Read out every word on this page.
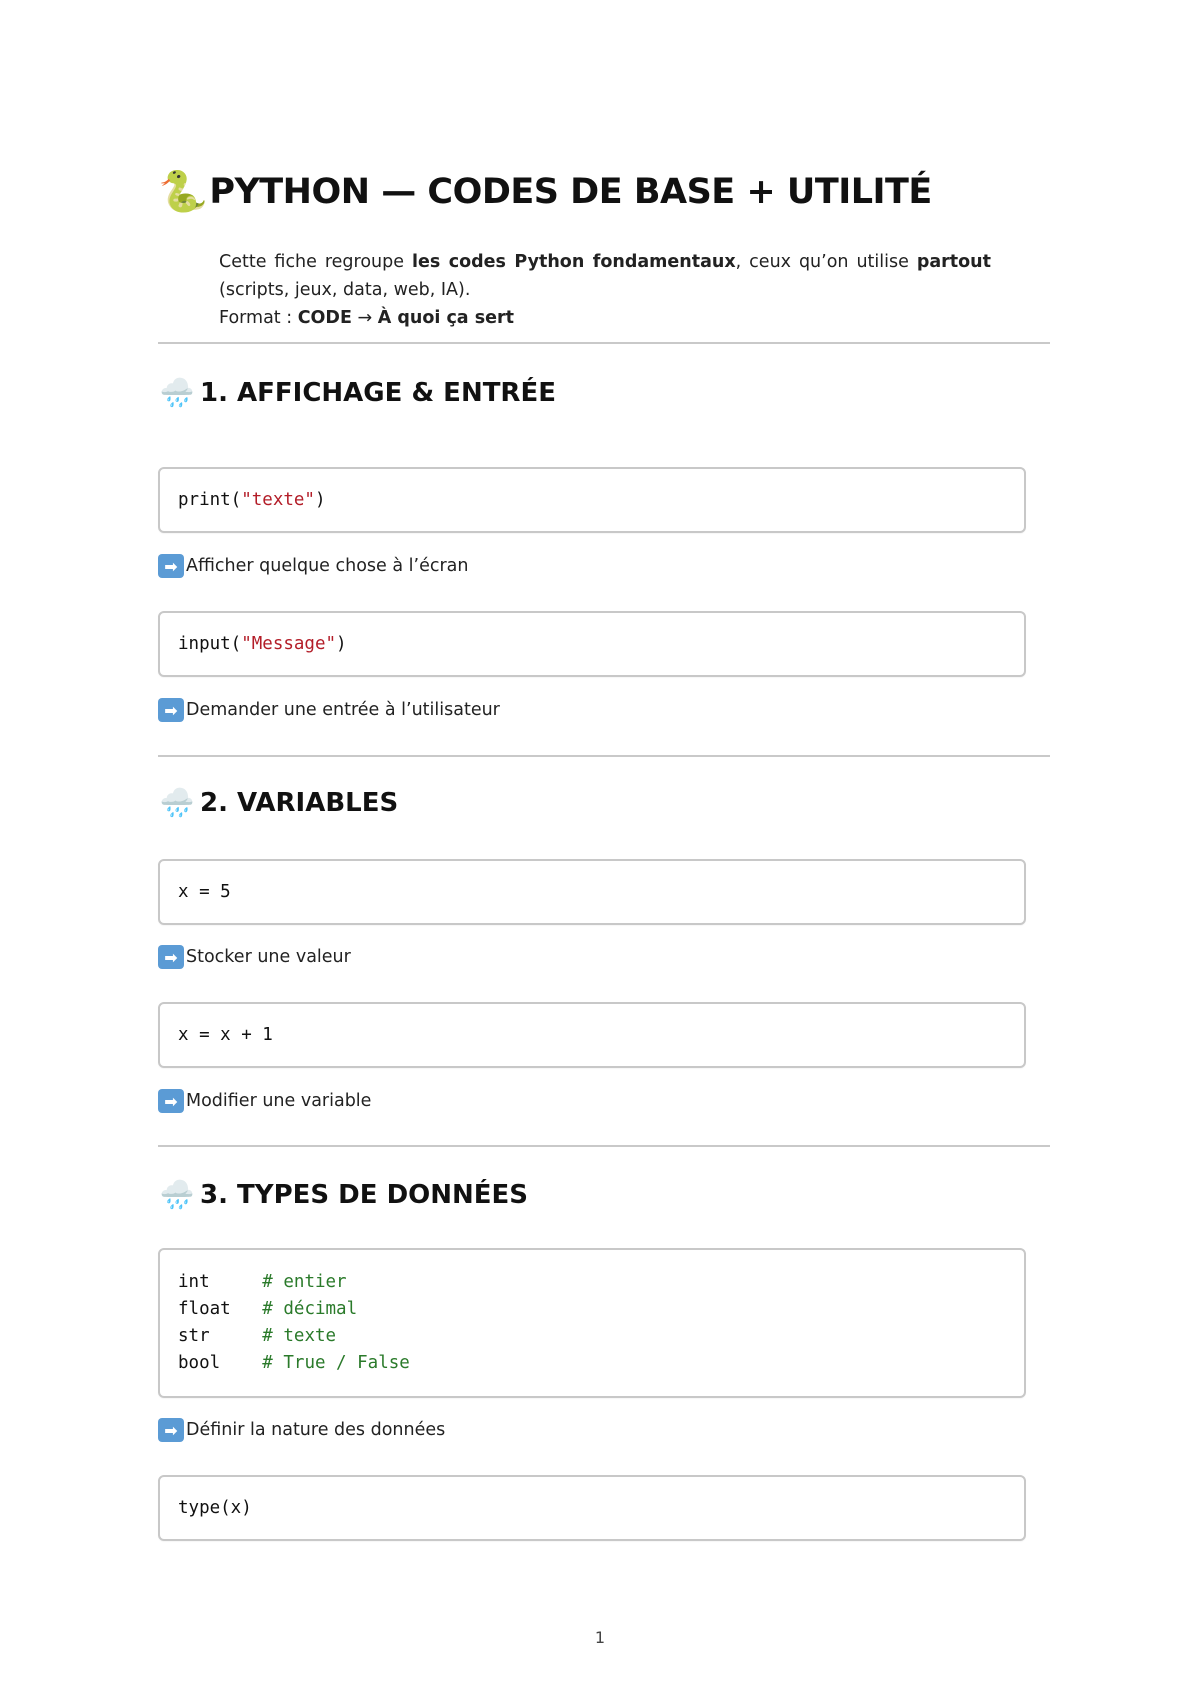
🐍 PYTHON — CODES DE BASE + UTILITÉ

Cette fiche regroupe les codes Python fondamentaux, ceux qu’on utilise partout (scripts, jeux, data, web, IA).

Format : CODE → À quoi ça sert

🌧️ 1. AFFICHAGE & ENTRÉE
print("texte")
➡ Afficher quelque chose à l’écran
input("Message")
➡ Demander une entrée à l’utilisateur
🌧️ 2. VARIABLES
x = 5
➡ Stocker une valeur
x = x + 1
➡ Modifier une variable
🌧️ 3. TYPES DE DONNÉES
int     # entier
float   # décimal
str     # texte
bool    # True / False
➡ Définir la nature des données
type(x)
1
